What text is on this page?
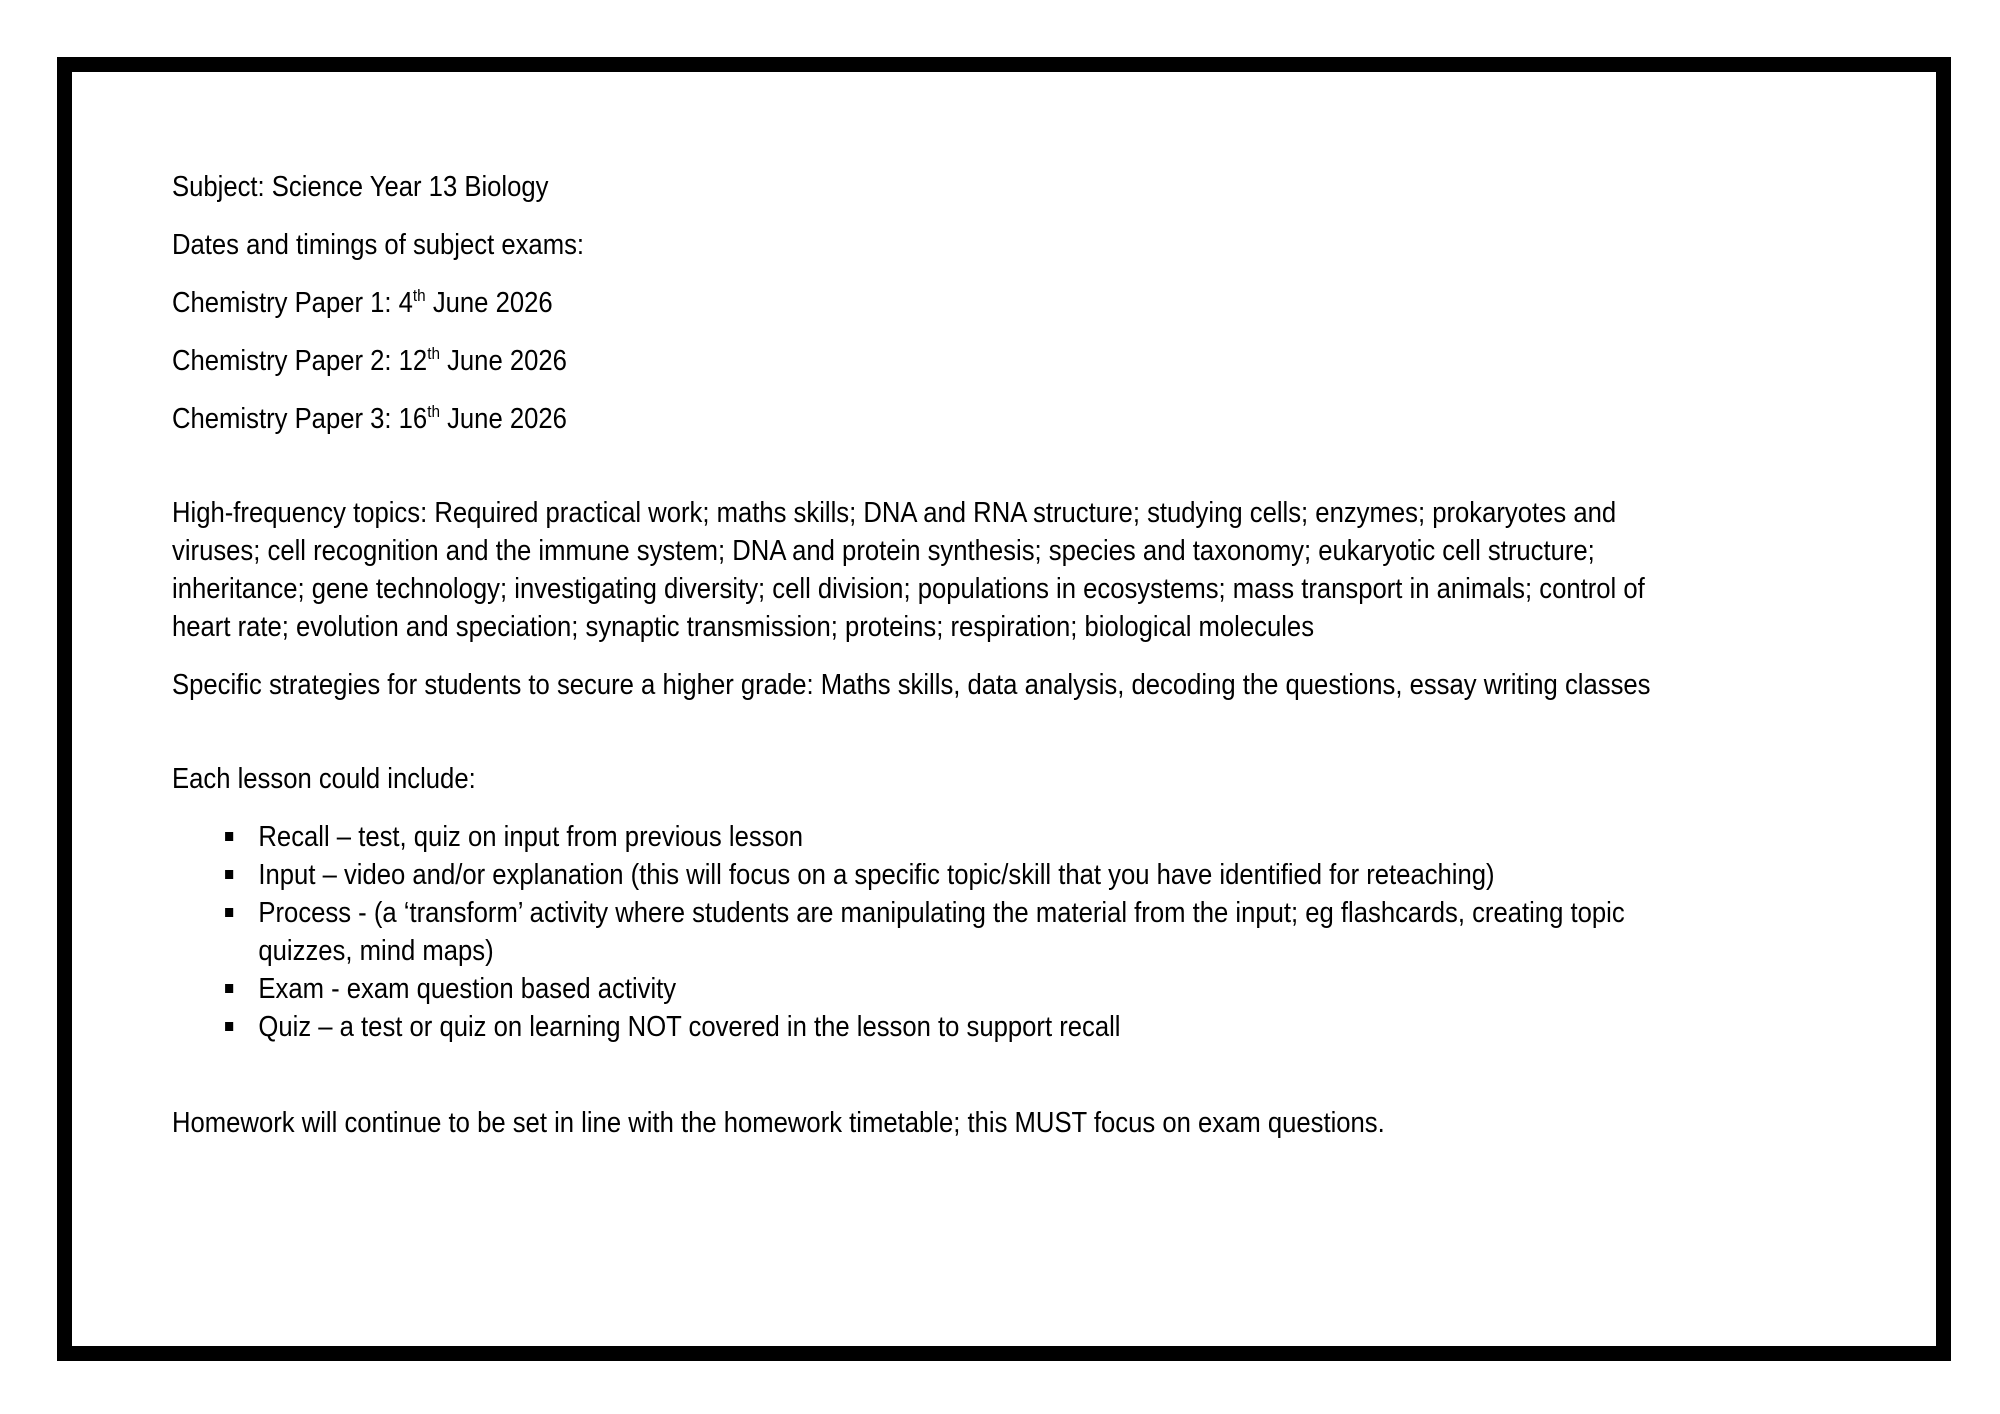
Subject: Science Year 13 Biology

Dates and timings of subject exams:

Chemistry Paper 1: 4th June 2026

Chemistry Paper 2: 12th June 2026

Chemistry Paper 3: 16th June 2026

High-frequency topics: Required practical work; maths skills; DNA and RNA structure; studying cells; enzymes; prokaryotes and viruses; cell recognition and the immune system; DNA and protein synthesis; species and taxonomy; eukaryotic cell structure; inheritance; gene technology; investigating diversity; cell division; populations in ecosystems; mass transport in animals; control of heart rate; evolution and speciation; synaptic transmission; proteins; respiration; biological molecules

Specific strategies for students to secure a higher grade: Maths skills, data analysis, decoding the questions, essay writing classes

Each lesson could include:

Recall – test, quiz on input from previous lesson
Input – video and/or explanation (this will focus on a specific topic/skill that you have identified for reteaching)
Process - (a ‘transform’ activity where students are manipulating the material from the input; eg flashcards, creating topic quizzes, mind maps)
Exam - exam question based activity
Quiz – a test or quiz on learning NOT covered in the lesson to support recall

Homework will continue to be set in line with the homework timetable; this MUST focus on exam questions.
